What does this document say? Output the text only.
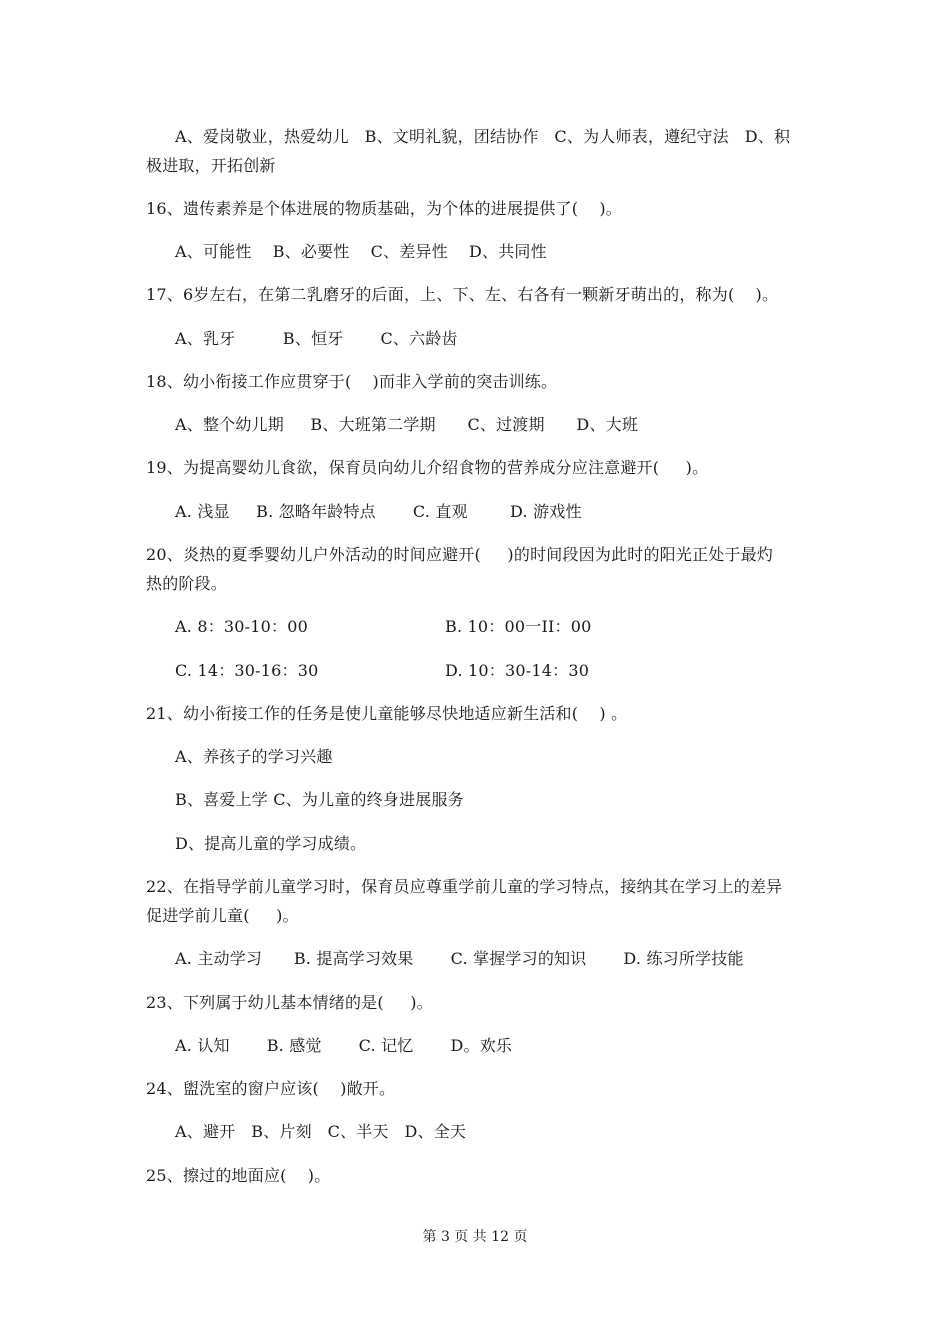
A、爱岗敬业，热爱幼儿   B、文明礼貌，团结协作   C、为人师表，遵纪守法   D、积
极进取，开拓创新
16、遗传素养是个体进展的物质基础，为个体的进展提供了(    )。
A、可能性    B、必要性    C、差异性    D、共同性
17、6岁左右，在第二乳磨牙的后面，上、下、左、右各有一颗新牙萌出的，称为(    )。
A、乳牙         B、恒牙       C、六龄齿
18、幼小衔接工作应贯穿于(    )而非入学前的突击训练。
A、整个幼儿期     B、大班第二学期      C、过渡期      D、大班
19、为提高婴幼儿食欲，保育员向幼儿介绍食物的营养成分应注意避开(     )。
A. 浅显     B. 忽略年龄特点       C. 直观        D. 游戏性
20、炎热的夏季婴幼儿户外活动的时间应避开(     )的时间段因为此时的阳光正处于最灼
热的阶段。
A. 8：30-10：00	B. 10：00一II：00
C. 14：30-16：30	D. 10：30-14：30
21、幼小衔接工作的任务是使儿童能够尽快地适应新生活和(    ) 。
A、养孩子的学习兴趣
B、喜爱上学 C、为儿童的终身进展服务
D、提高儿童的学习成绩。
22、在指导学前儿童学习时，保育员应尊重学前儿童的学习特点，接纳其在学习上的差异
促进学前儿童(     )。
A. 主动学习      B. 提高学习效果       C. 掌握学习的知识       D. 练习所学技能
23、下列属于幼儿基本情绪的是(     )。
A. 认知       B. 感觉       C. 记忆       D。欢乐
24、盥洗室的窗户应该(    )敞开。
A、避开   B、片刻   C、半天   D、全天
25、擦过的地面应(    )。
第 3 页 共 12 页
